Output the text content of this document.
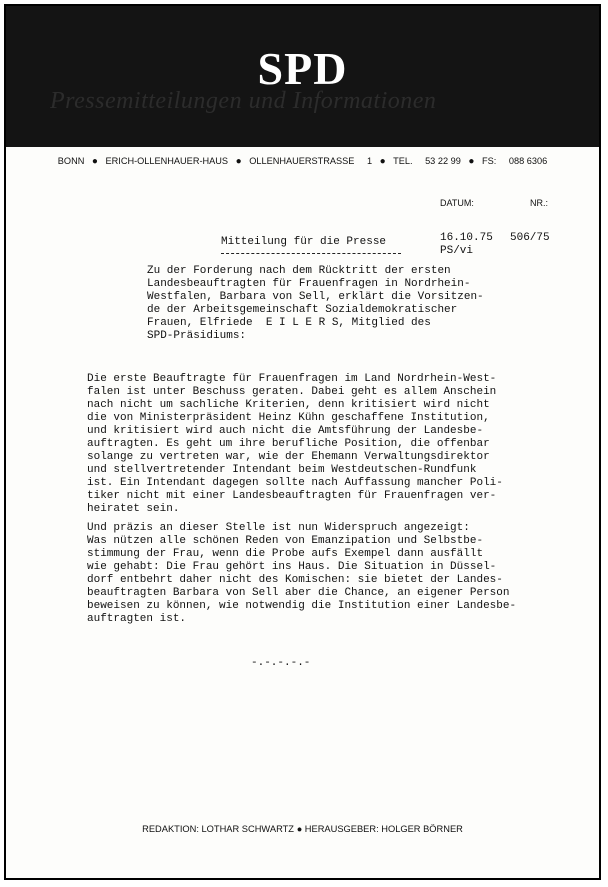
SPD
Pressemitteilungen und Informationen
BONN ● ERICH-OLLENHAUER-HAUS ● OLLENHAUERSTRASSE 1 ● TEL. 53 22 99 ● FS: 088 6306
DATUM:	NR.:
Mitteilung für die Presse	16.10.75
PS/vi
506/75
Zu der Forderung nach dem Rücktritt der ersten
Landesbeauftragten für Frauenfragen in Nordrhein-
Westfalen, Barbara von Sell, erklärt die Vorsitzen-
de der Arbeitsgemeinschaft Sozialdemokratischer
Frauen, Elfriede  E I L E R S, Mitglied des
SPD-Präsidiums:
Die erste Beauftragte für Frauenfragen im Land Nordrhein-West-
falen ist unter Beschuss geraten. Dabei geht es allem Anschein
nach nicht um sachliche Kriterien, denn kritisiert wird nicht
die von Ministerpräsident Heinz Kühn geschaffene Institution,
und kritisiert wird auch nicht die Amtsführung der Landesbe-
auftragten. Es geht um ihre berufliche Position, die offenbar
solange zu vertreten war, wie der Ehemann Verwaltungsdirektor
und stellvertretender Intendant beim Westdeutschen-Rundfunk
ist. Ein Intendant dagegen sollte nach Auffassung mancher Poli-
tiker nicht mit einer Landesbeauftragten für Frauenfragen ver-
heiratet sein.
Und präzis an dieser Stelle ist nun Widerspruch angezeigt:
Was nützen alle schönen Reden von Emanzipation und Selbstbe-
stimmung der Frau, wenn die Probe aufs Exempel dann ausfällt
wie gehabt: Die Frau gehört ins Haus. Die Situation in Düssel-
dorf entbehrt daher nicht des Komischen: sie bietet der Landes-
beauftragten Barbara von Sell aber die Chance, an eigener Person
beweisen zu können, wie notwendig die Institution einer Landesbe-
auftragten ist.
-.-.-.-.-
REDAKTION: LOTHAR SCHWARTZ ● HERAUSGEBER: HOLGER BÖRNER
